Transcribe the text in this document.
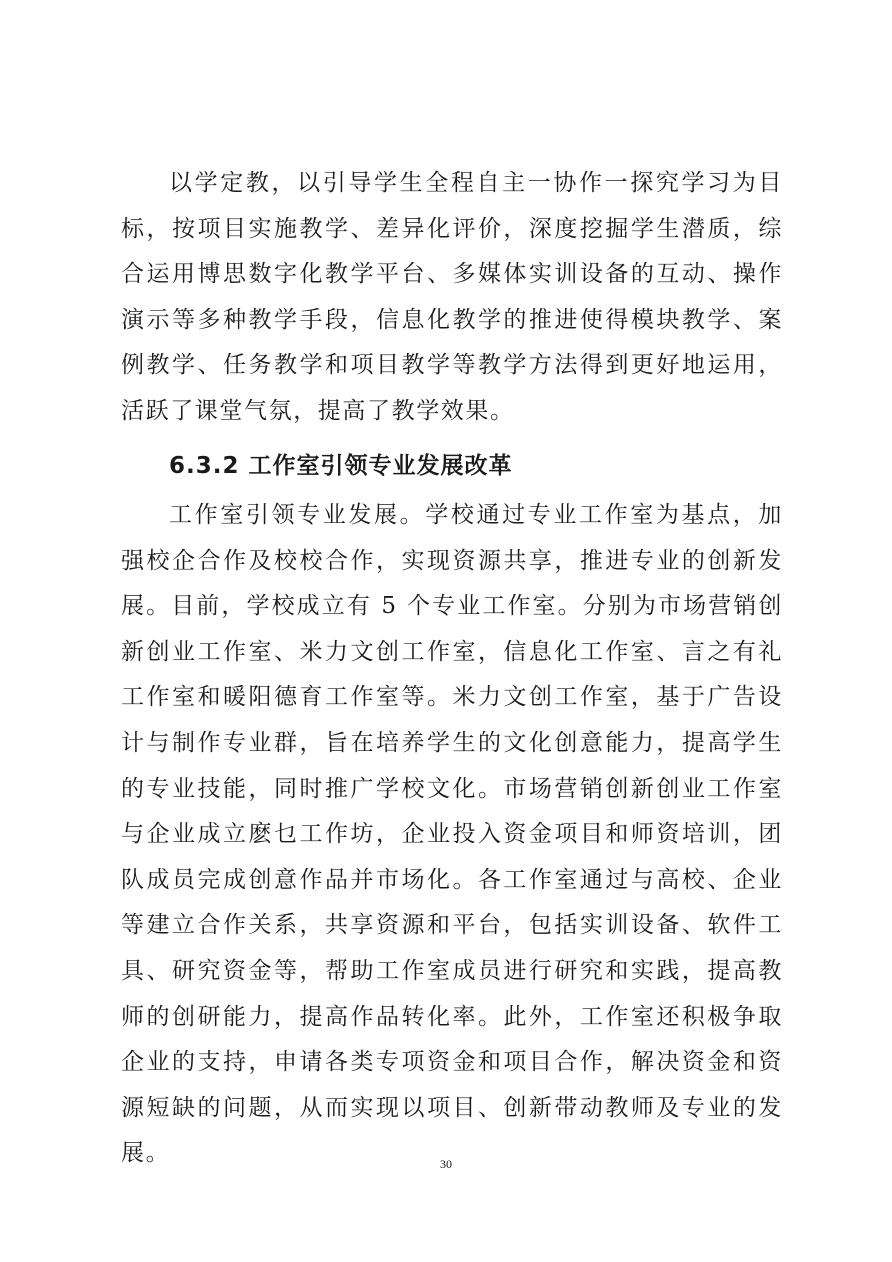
以学定教，以引导学生全程自主一协作一探究学习为目标，按项目实施教学、差异化评价，深度挖掘学生潜质，综合运用博思数字化教学平台、多媒体实训设备的互动、操作演示等多种教学手段，信息化教学的推进使得模块教学、案例教学、任务教学和项目教学等教学方法得到更好地运用，活跃了课堂气氛，提高了教学效果。

6.3.2 工作室引领专业发展改革

工作室引领专业发展。学校通过专业工作室为基点，加强校企合作及校校合作，实现资源共享，推进专业的创新发展。目前，学校成立有 5 个专业工作室。分别为市场营销创新创业工作室、米力文创工作室，信息化工作室、言之有礼工作室和暖阳德育工作室等。米力文创工作室，基于广告设计与制作专业群，旨在培养学生的文化创意能力，提高学生的专业技能，同时推广学校文化。市场营销创新创业工作室与企业成立麽乜工作坊，企业投入资金项目和师资培训，团队成员完成创意作品并市场化。各工作室通过与高校、企业等建立合作关系，共享资源和平台，包括实训设备、软件工具、研究资金等，帮助工作室成员进行研究和实践，提高教师的创研能力，提高作品转化率。此外，工作室还积极争取企业的支持，申请各类专项资金和项目合作，解决资金和资源短缺的问题，从而实现以项目、创新带动教师及专业的发展。	30
